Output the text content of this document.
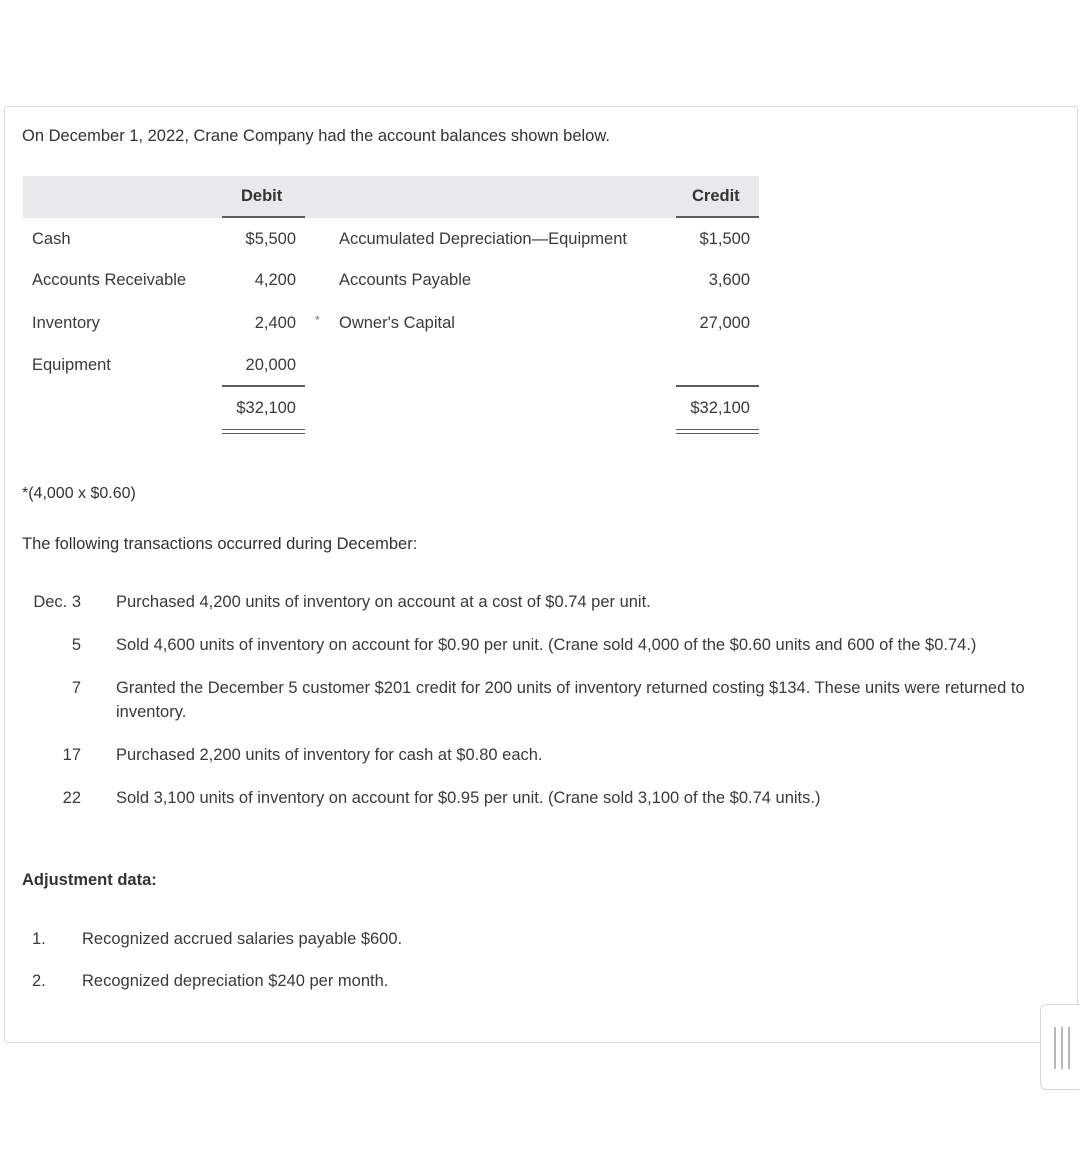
On December 1, 2022, Crane Company had the account balances shown below.
Debit	Credit
Cash	$5,500	Accumulated Depreciation—Equipment	$1,500
Accounts Receivable	4,200	Accounts Payable	3,600
Inventory	2,400 * Owner's Capital	27,000
Equipment	20,000
$32,100	$32,100
*(4,000 x $0.60)
The following transactions occurred during December:
Dec. 3 Purchased 4,200 units of inventory on account at a cost of $0.74 per unit.
5 Sold 4,600 units of inventory on account for $0.90 per unit. (Crane sold 4,000 of the $0.60 units and 600 of the $0.74.)
7 Granted the December 5 customer $201 credit for 200 units of inventory returned costing $134. These units were returned to inventory.
17 Purchased 2,200 units of inventory for cash at $0.80 each.
22 Sold 3,100 units of inventory on account for $0.95 per unit. (Crane sold 3,100 of the $0.74 units.)
Adjustment data:
1. Recognized accrued salaries payable $600.
2. Recognized depreciation $240 per month.
